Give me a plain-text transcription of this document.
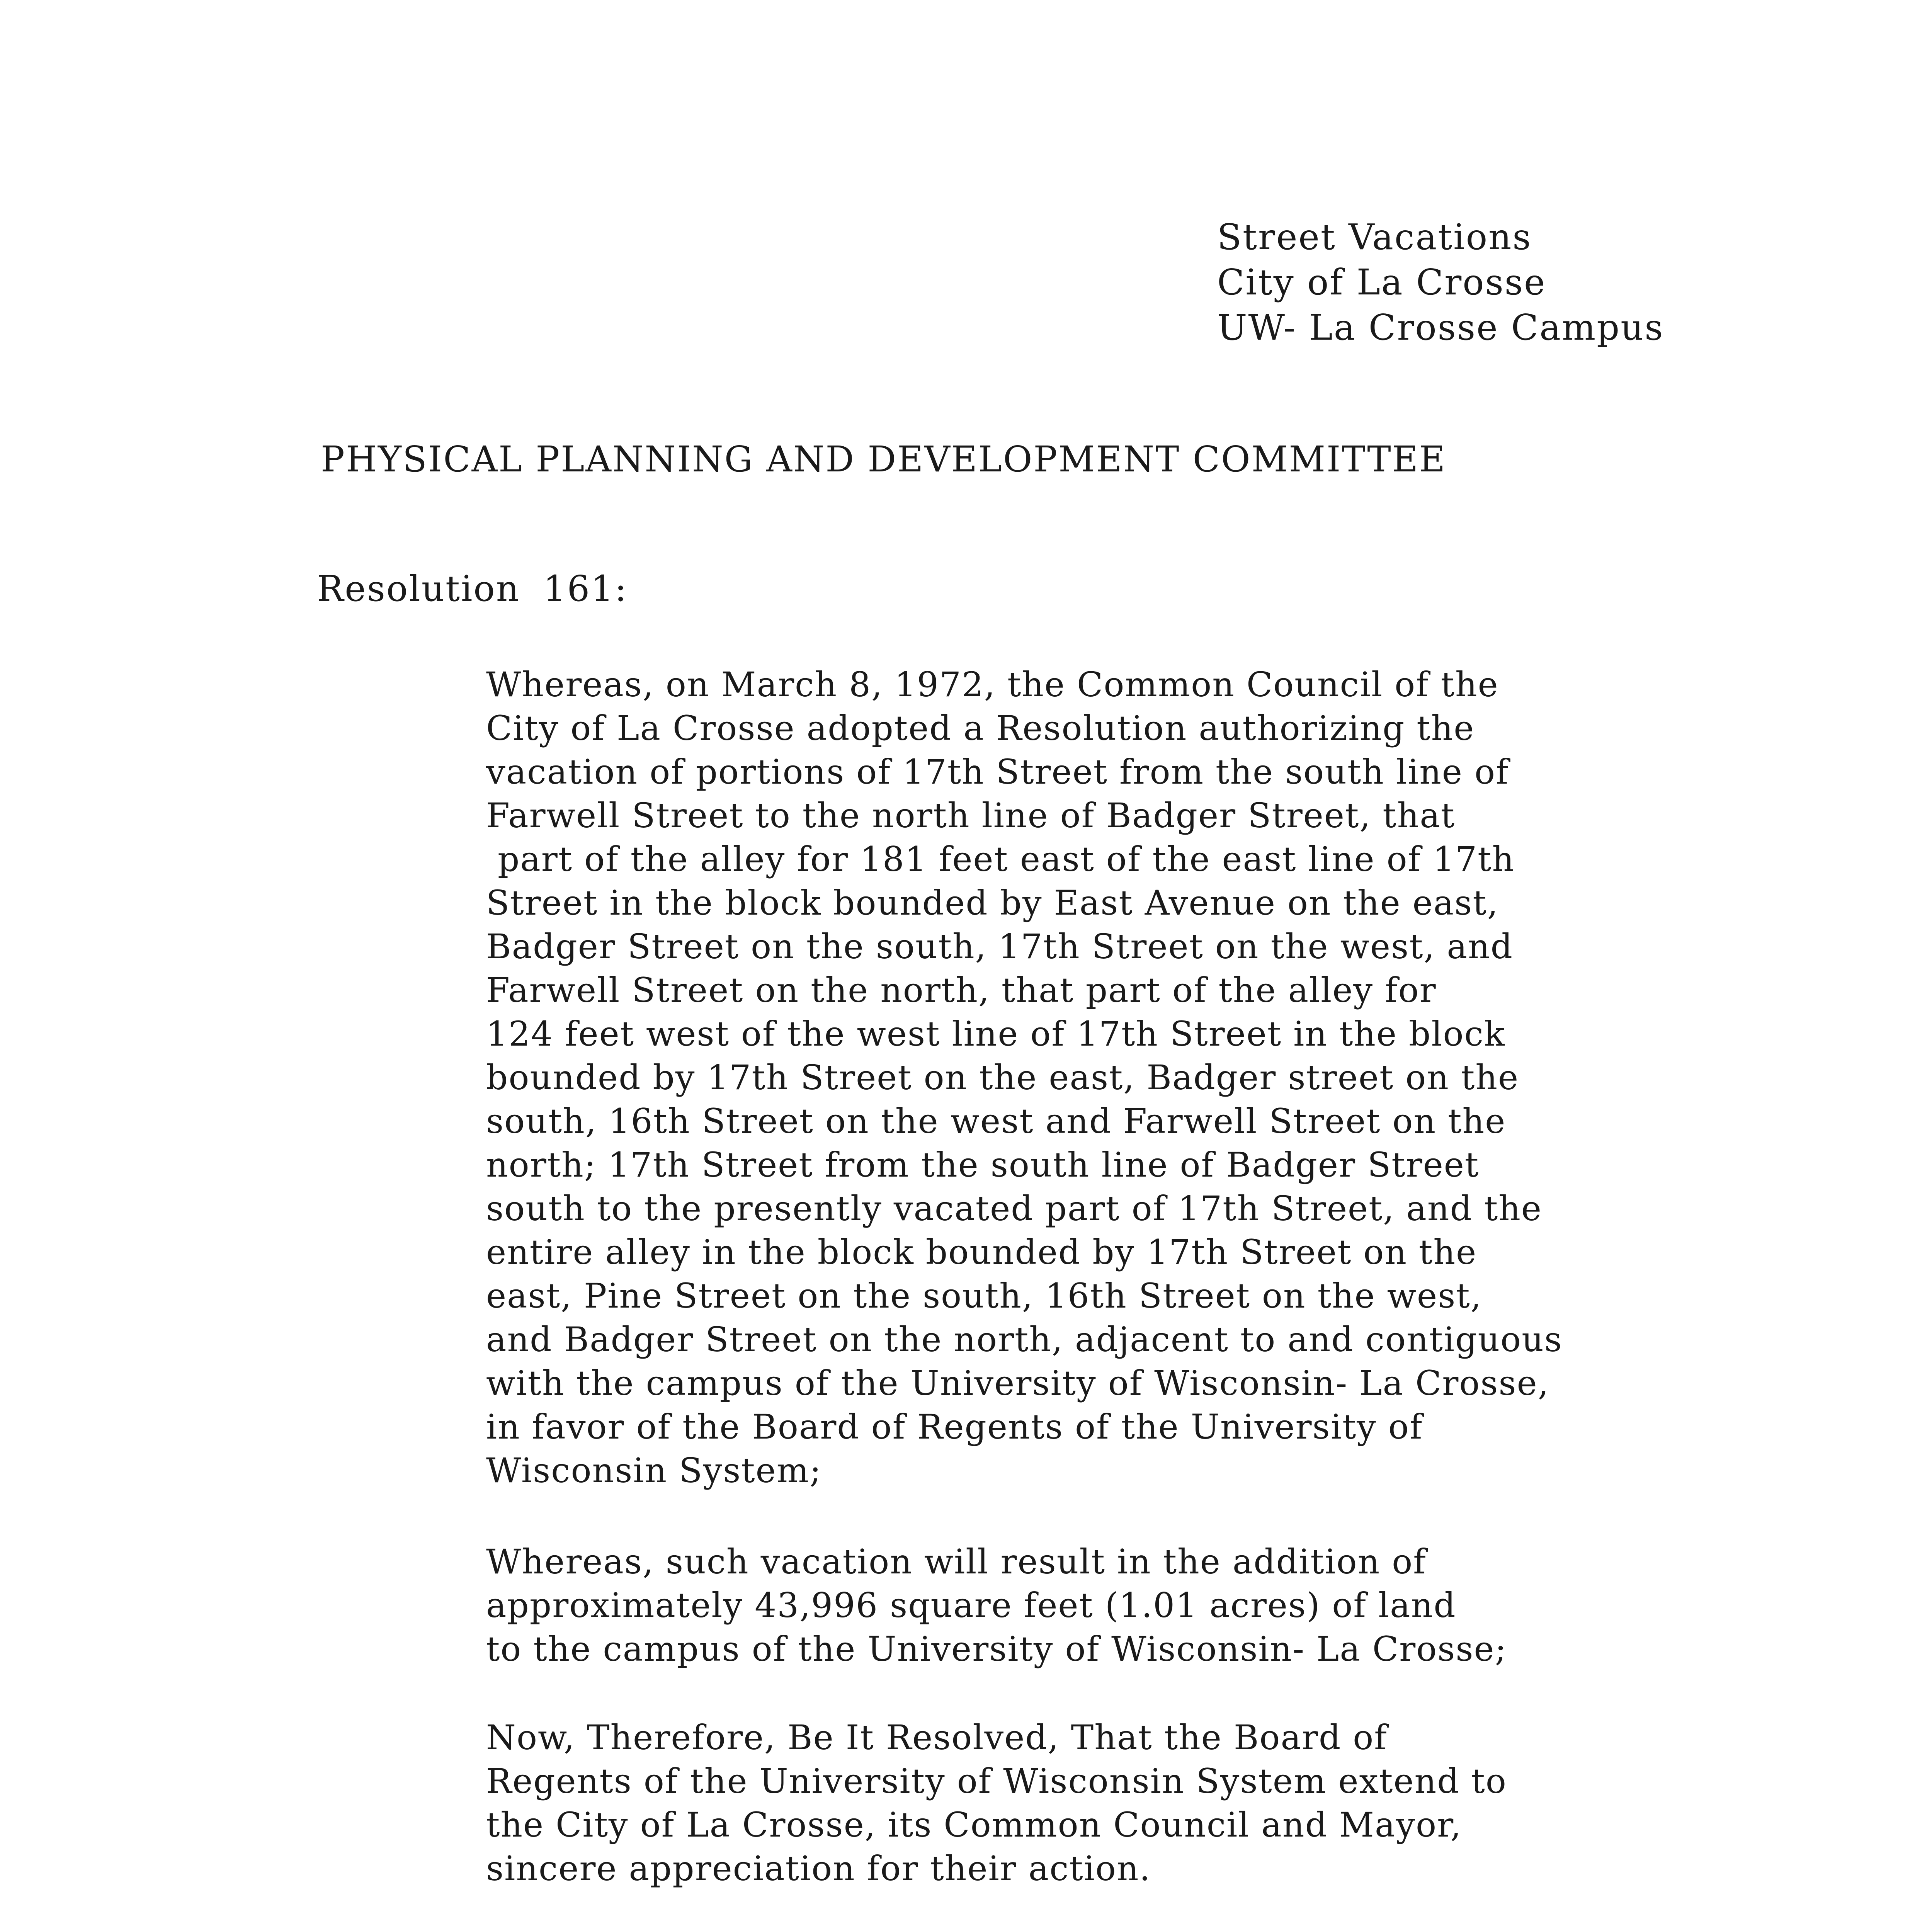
Street Vacations
City of La Crosse
UW- La Crosse Campus
PHYSICAL PLANNING AND DEVELOPMENT COMMITTEE
Resolution 161:
Whereas, on March 8, 1972, the Common Council of the
City of La Crosse adopted a Resolution authorizing the
vacation of portions of 17th Street from the south line of
Farwell Street to the north line of Badger Street, that
part of the alley for 181 feet east of the east line of 17th
Street in the block bounded by East Avenue on the east,
Badger Street on the south, 17th Street on the west, and
Farwell Street on the north, that part of the alley for
124 feet west of the west line of 17th Street in the block
bounded by 17th Street on the east, Badger street on the
south, 16th Street on the west and Farwell Street on the
north; 17th Street from the south line of Badger Street
south to the presently vacated part of 17th Street, and the
entire alley in the block bounded by 17th Street on the
east, Pine Street on the south, 16th Street on the west,
and Badger Street on the north, adjacent to and contiguous
with the campus of the University of Wisconsin- La Crosse,
in favor of the Board of Regents of the University of
Wisconsin System;
Whereas, such vacation will result in the addition of
approximately 43,996 square feet (1.01 acres) of land
to the campus of the University of Wisconsin- La Crosse;
Now, Therefore, Be It Resolved, That the Board of
Regents of the University of Wisconsin System extend to
the City of La Crosse, its Common Council and Mayor,
sincere appreciation for their action.
